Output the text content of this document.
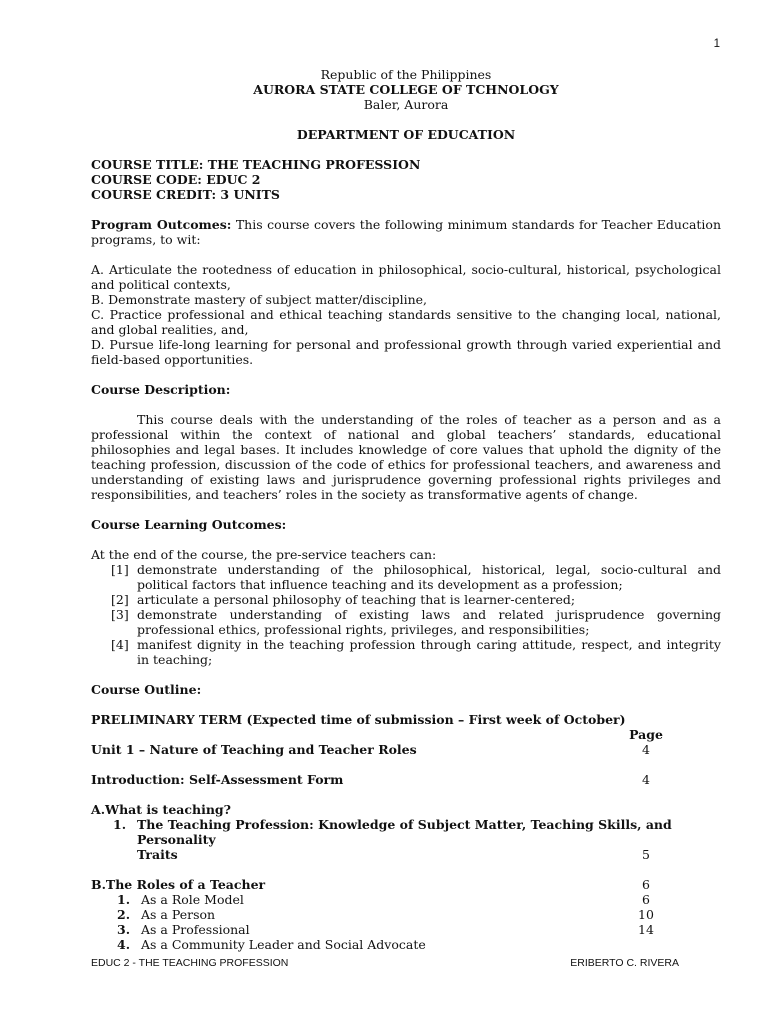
1

Republic of the Philippines

AURORA STATE COLLEGE OF TCHNOLOGY

Baler, Aurora

DEPARTMENT OF EDUCATION

COURSE TITLE: THE TEACHING PROFESSION

COURSE CODE: EDUC 2

COURSE CREDIT: 3 UNITS

Program Outcomes: This course covers the following minimum standards for Teacher Education programs, to wit:

A. Articulate the rootedness of education in philosophical, socio-cultural, historical, psychological and political contexts,

B. Demonstrate mastery of subject matter/discipline,

C. Practice professional and ethical teaching standards sensitive to the changing local, national, and global realities, and,

D. Pursue life-long learning for personal and professional growth through varied experiential and field-based opportunities.

Course Description:

This course deals with the understanding of the roles of teacher as a person and as a professional within the context of national and global teachers’ standards, educational philosophies and legal bases. It includes knowledge of core values that uphold the dignity of the teaching profession, discussion of the code of ethics for professional teachers, and awareness and understanding of existing laws and jurisprudence governing professional rights privileges and responsibilities, and teachers’ roles in the society as transformative agents of change.

Course Learning Outcomes:

At the end of the course, the pre-service teachers can:

[1] demonstrate understanding of the philosophical, historical, legal, socio-cultural and political factors that influence teaching and its development as a profession;
[2] articulate a personal philosophy of teaching that is learner-centered;
[3] demonstrate understanding of existing laws and related jurisprudence governing professional ethics, professional rights, privileges, and responsibilities;
[4] manifest dignity in the teaching profession through caring attitude, respect, and integrity in teaching;

Course Outline:

PRELIMINARY TERM (Expected time of submission – First week of October)

Page
Unit 1 – Nature of Teaching and Teacher Roles	4
Introduction: Self-Assessment Form	4

A.What is teaching?

1. The Teaching Profession: Knowledge of Subject Matter, Teaching Skills, and Personality
Traits	5
B.The Roles of a Teacher	6
1. As a Role Model	6
2. As a Person	10
3. As a Professional	14
4. As a Community Leader and Social Advocate
EDUC 2 - THE TEACHING PROFESSION	ERIBERTO C. RIVERA
